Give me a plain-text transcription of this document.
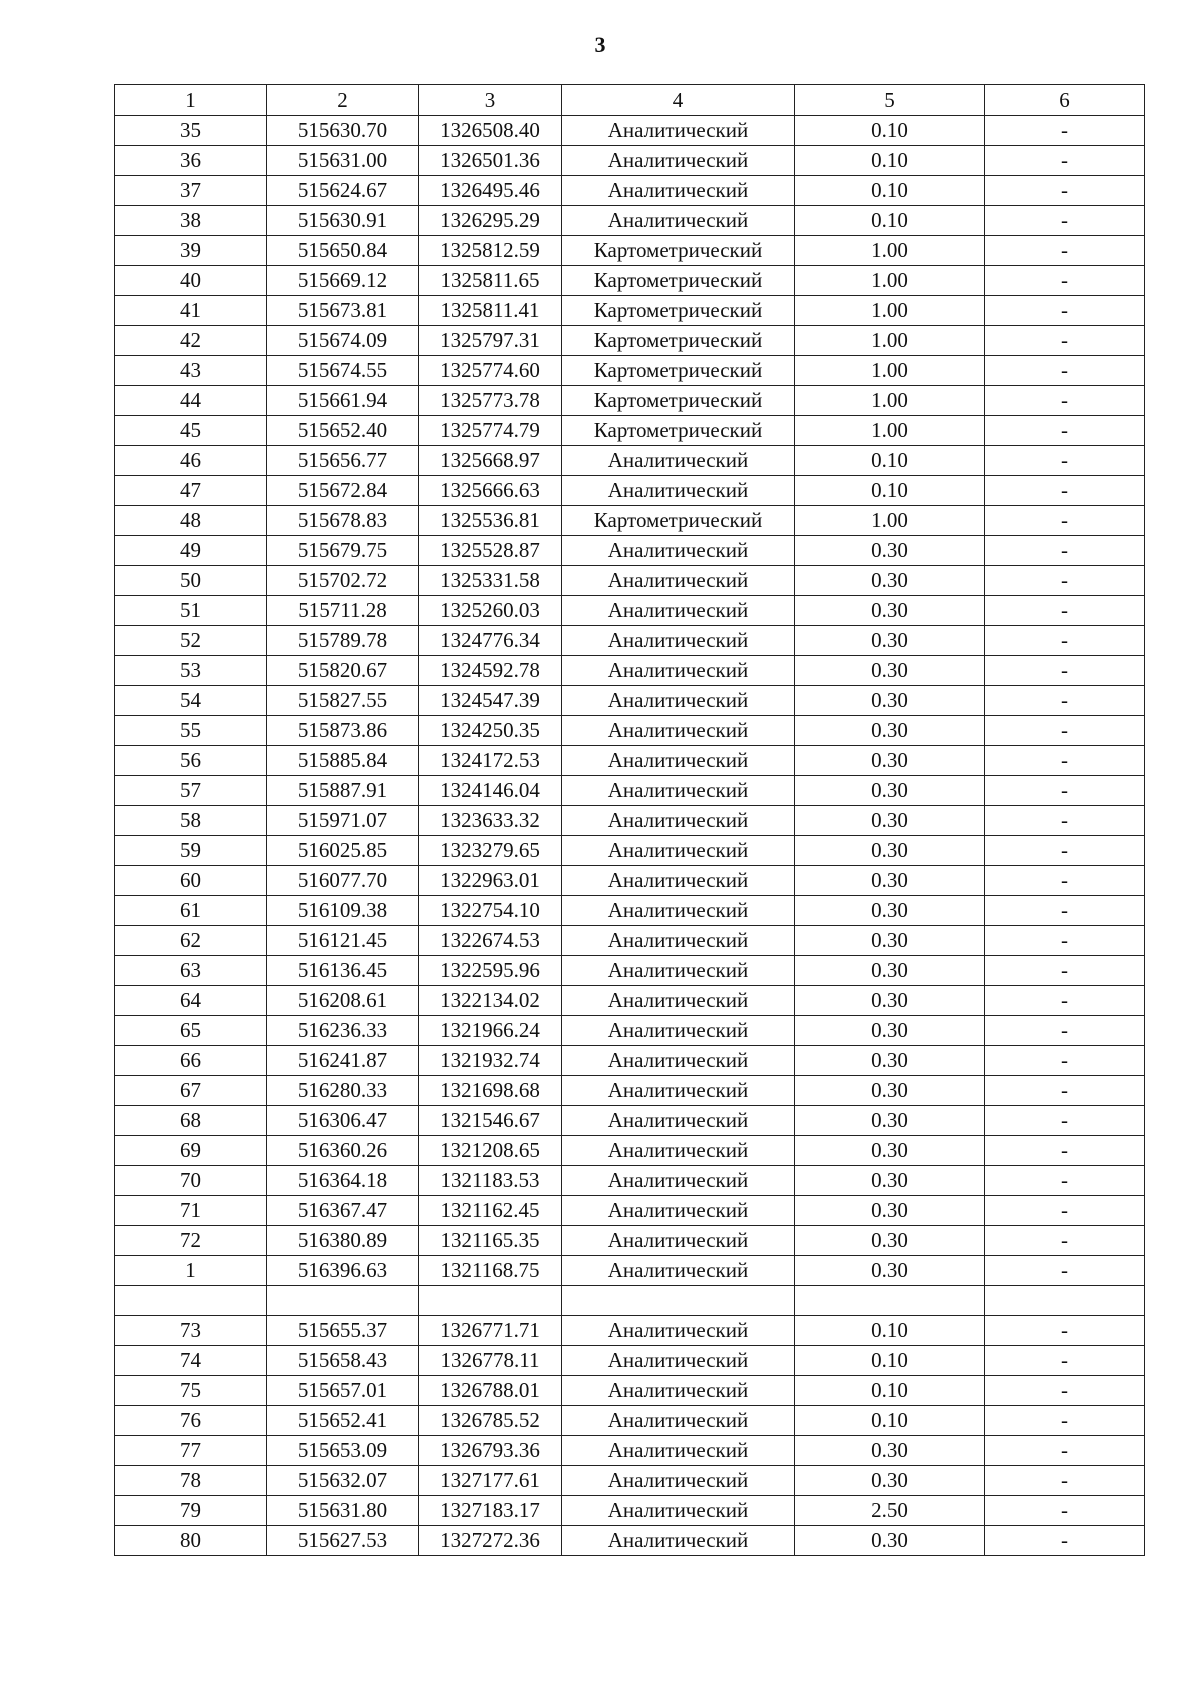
3
1	2	3	4	5	6
35	515630.70	1326508.40	Аналитический	0.10	-
36	515631.00	1326501.36	Аналитический	0.10	-
37	515624.67	1326495.46	Аналитический	0.10	-
38	515630.91	1326295.29	Аналитический	0.10	-
39	515650.84	1325812.59	Картометрический	1.00	-
40	515669.12	1325811.65	Картометрический	1.00	-
41	515673.81	1325811.41	Картометрический	1.00	-
42	515674.09	1325797.31	Картометрический	1.00	-
43	515674.55	1325774.60	Картометрический	1.00	-
44	515661.94	1325773.78	Картометрический	1.00	-
45	515652.40	1325774.79	Картометрический	1.00	-
46	515656.77	1325668.97	Аналитический	0.10	-
47	515672.84	1325666.63	Аналитический	0.10	-
48	515678.83	1325536.81	Картометрический	1.00	-
49	515679.75	1325528.87	Аналитический	0.30	-
50	515702.72	1325331.58	Аналитический	0.30	-
51	515711.28	1325260.03	Аналитический	0.30	-
52	515789.78	1324776.34	Аналитический	0.30	-
53	515820.67	1324592.78	Аналитический	0.30	-
54	515827.55	1324547.39	Аналитический	0.30	-
55	515873.86	1324250.35	Аналитический	0.30	-
56	515885.84	1324172.53	Аналитический	0.30	-
57	515887.91	1324146.04	Аналитический	0.30	-
58	515971.07	1323633.32	Аналитический	0.30	-
59	516025.85	1323279.65	Аналитический	0.30	-
60	516077.70	1322963.01	Аналитический	0.30	-
61	516109.38	1322754.10	Аналитический	0.30	-
62	516121.45	1322674.53	Аналитический	0.30	-
63	516136.45	1322595.96	Аналитический	0.30	-
64	516208.61	1322134.02	Аналитический	0.30	-
65	516236.33	1321966.24	Аналитический	0.30	-
66	516241.87	1321932.74	Аналитический	0.30	-
67	516280.33	1321698.68	Аналитический	0.30	-
68	516306.47	1321546.67	Аналитический	0.30	-
69	516360.26	1321208.65	Аналитический	0.30	-
70	516364.18	1321183.53	Аналитический	0.30	-
71	516367.47	1321162.45	Аналитический	0.30	-
72	516380.89	1321165.35	Аналитический	0.30	-
1	516396.63	1321168.75	Аналитический	0.30	-

73	515655.37	1326771.71	Аналитический	0.10	-
74	515658.43	1326778.11	Аналитический	0.10	-
75	515657.01	1326788.01	Аналитический	0.10	-
76	515652.41	1326785.52	Аналитический	0.10	-
77	515653.09	1326793.36	Аналитический	0.30	-
78	515632.07	1327177.61	Аналитический	0.30	-
79	515631.80	1327183.17	Аналитический	2.50	-
80	515627.53	1327272.36	Аналитический	0.30	-
